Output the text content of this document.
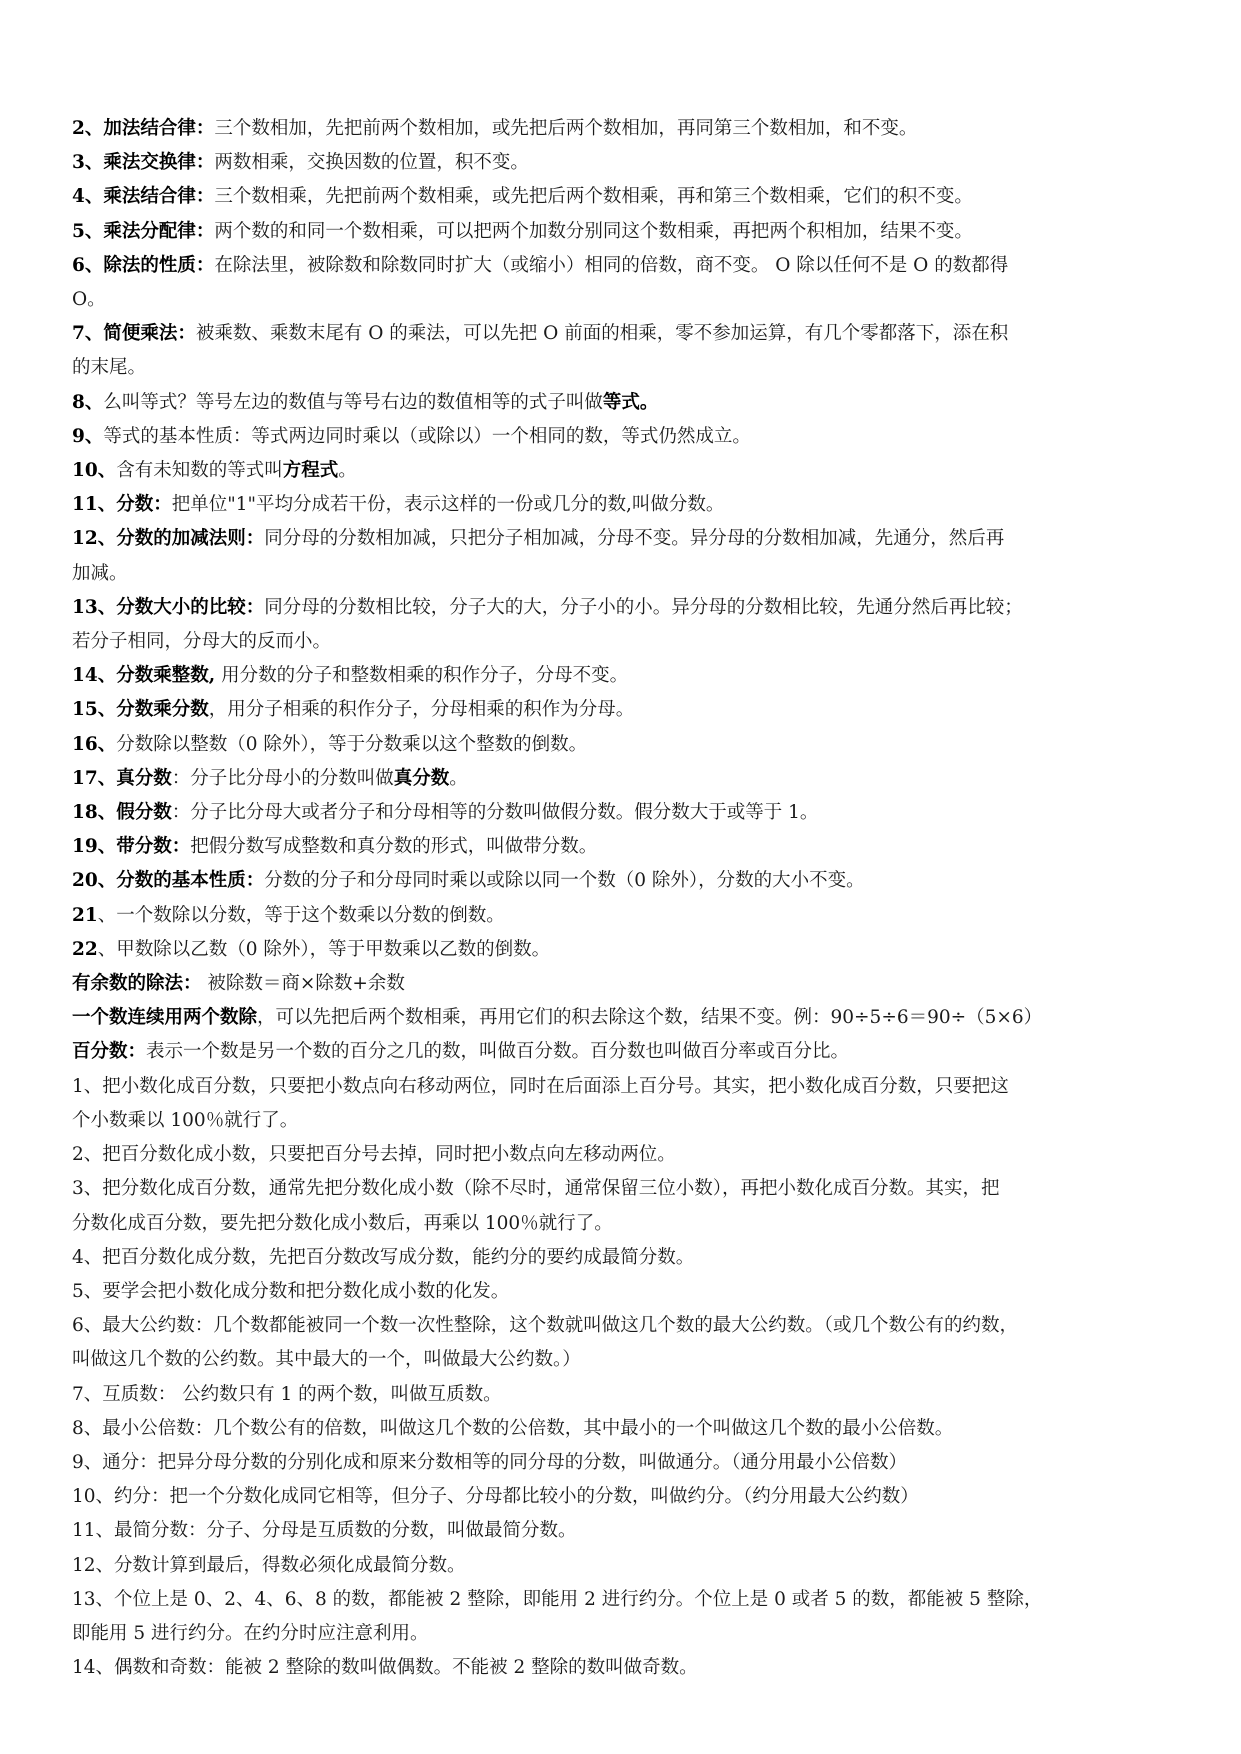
2、加法结合律：三个数相加，先把前两个数相加，或先把后两个数相加，再同第三个数相加，和不变。
3、乘法交换律：两数相乘，交换因数的位置，积不变。
4、乘法结合律：三个数相乘，先把前两个数相乘，或先把后两个数相乘，再和第三个数相乘，它们的积不变。
5、乘法分配律：两个数的和同一个数相乘，可以把两个加数分别同这个数相乘，再把两个积相加，结果不变。
6、除法的性质：在除法里，被除数和除数同时扩大（或缩小）相同的倍数，商不变。 O 除以任何不是 O 的数都得
O。
7、简便乘法：被乘数、乘数末尾有 O 的乘法，可以先把 O 前面的相乘，零不参加运算，有几个零都落下，添在积
的末尾。
8、么叫等式？等号左边的数值与等号右边的数值相等的式子叫做等式。
9、等式的基本性质：等式两边同时乘以（或除以）一个相同的数，等式仍然成立。
10、含有未知数的等式叫方程式。
11、分数：把单位"1"平均分成若干份，表示这样的一份或几分的数,叫做分数。
12、分数的加减法则：同分母的分数相加减，只把分子相加减，分母不变。异分母的分数相加减，先通分，然后再
加减。
13、分数大小的比较：同分母的分数相比较，分子大的大，分子小的小。异分母的分数相比较，先通分然后再比较；
若分子相同，分母大的反而小。
14、分数乘整数, 用分数的分子和整数相乘的积作分子，分母不变。
15、分数乘分数，用分子相乘的积作分子，分母相乘的积作为分母。
16、分数除以整数（0 除外），等于分数乘以这个整数的倒数。
17、真分数：分子比分母小的分数叫做真分数。
18、假分数：分子比分母大或者分子和分母相等的分数叫做假分数。假分数大于或等于 1。
19、带分数：把假分数写成整数和真分数的形式，叫做带分数。
20、分数的基本性质：分数的分子和分母同时乘以或除以同一个数（0 除外），分数的大小不变。
21、一个数除以分数，等于这个数乘以分数的倒数。
22、甲数除以乙数（0 除外），等于甲数乘以乙数的倒数。
有余数的除法： 被除数＝商×除数+余数
一个数连续用两个数除，可以先把后两个数相乘，再用它们的积去除这个数，结果不变。例：90÷5÷6＝90÷（5×6）
百分数：表示一个数是另一个数的百分之几的数，叫做百分数。百分数也叫做百分率或百分比。
1、把小数化成百分数，只要把小数点向右移动两位，同时在后面添上百分号。其实，把小数化成百分数，只要把这
个小数乘以 100％就行了。
2、把百分数化成小数，只要把百分号去掉，同时把小数点向左移动两位。
3、把分数化成百分数，通常先把分数化成小数（除不尽时，通常保留三位小数），再把小数化成百分数。其实，把
分数化成百分数，要先把分数化成小数后，再乘以 100％就行了。
4、把百分数化成分数，先把百分数改写成分数，能约分的要约成最简分数。
5、要学会把小数化成分数和把分数化成小数的化发。
6、最大公约数：几个数都能被同一个数一次性整除，这个数就叫做这几个数的最大公约数。（或几个数公有的约数，
叫做这几个数的公约数。其中最大的一个，叫做最大公约数。）
7、互质数： 公约数只有 1 的两个数，叫做互质数。
8、最小公倍数：几个数公有的倍数，叫做这几个数的公倍数，其中最小的一个叫做这几个数的最小公倍数。
9、通分：把异分母分数的分别化成和原来分数相等的同分母的分数，叫做通分。（通分用最小公倍数）
10、约分：把一个分数化成同它相等，但分子、分母都比较小的分数，叫做约分。（约分用最大公约数）
11、最简分数：分子、分母是互质数的分数，叫做最简分数。
12、分数计算到最后，得数必须化成最简分数。
13、个位上是 0、2、4、6、8 的数，都能被 2 整除，即能用 2 进行约分。个位上是 0 或者 5 的数，都能被 5 整除，
即能用 5 进行约分。在约分时应注意利用。
14、偶数和奇数：能被 2 整除的数叫做偶数。不能被 2 整除的数叫做奇数。
